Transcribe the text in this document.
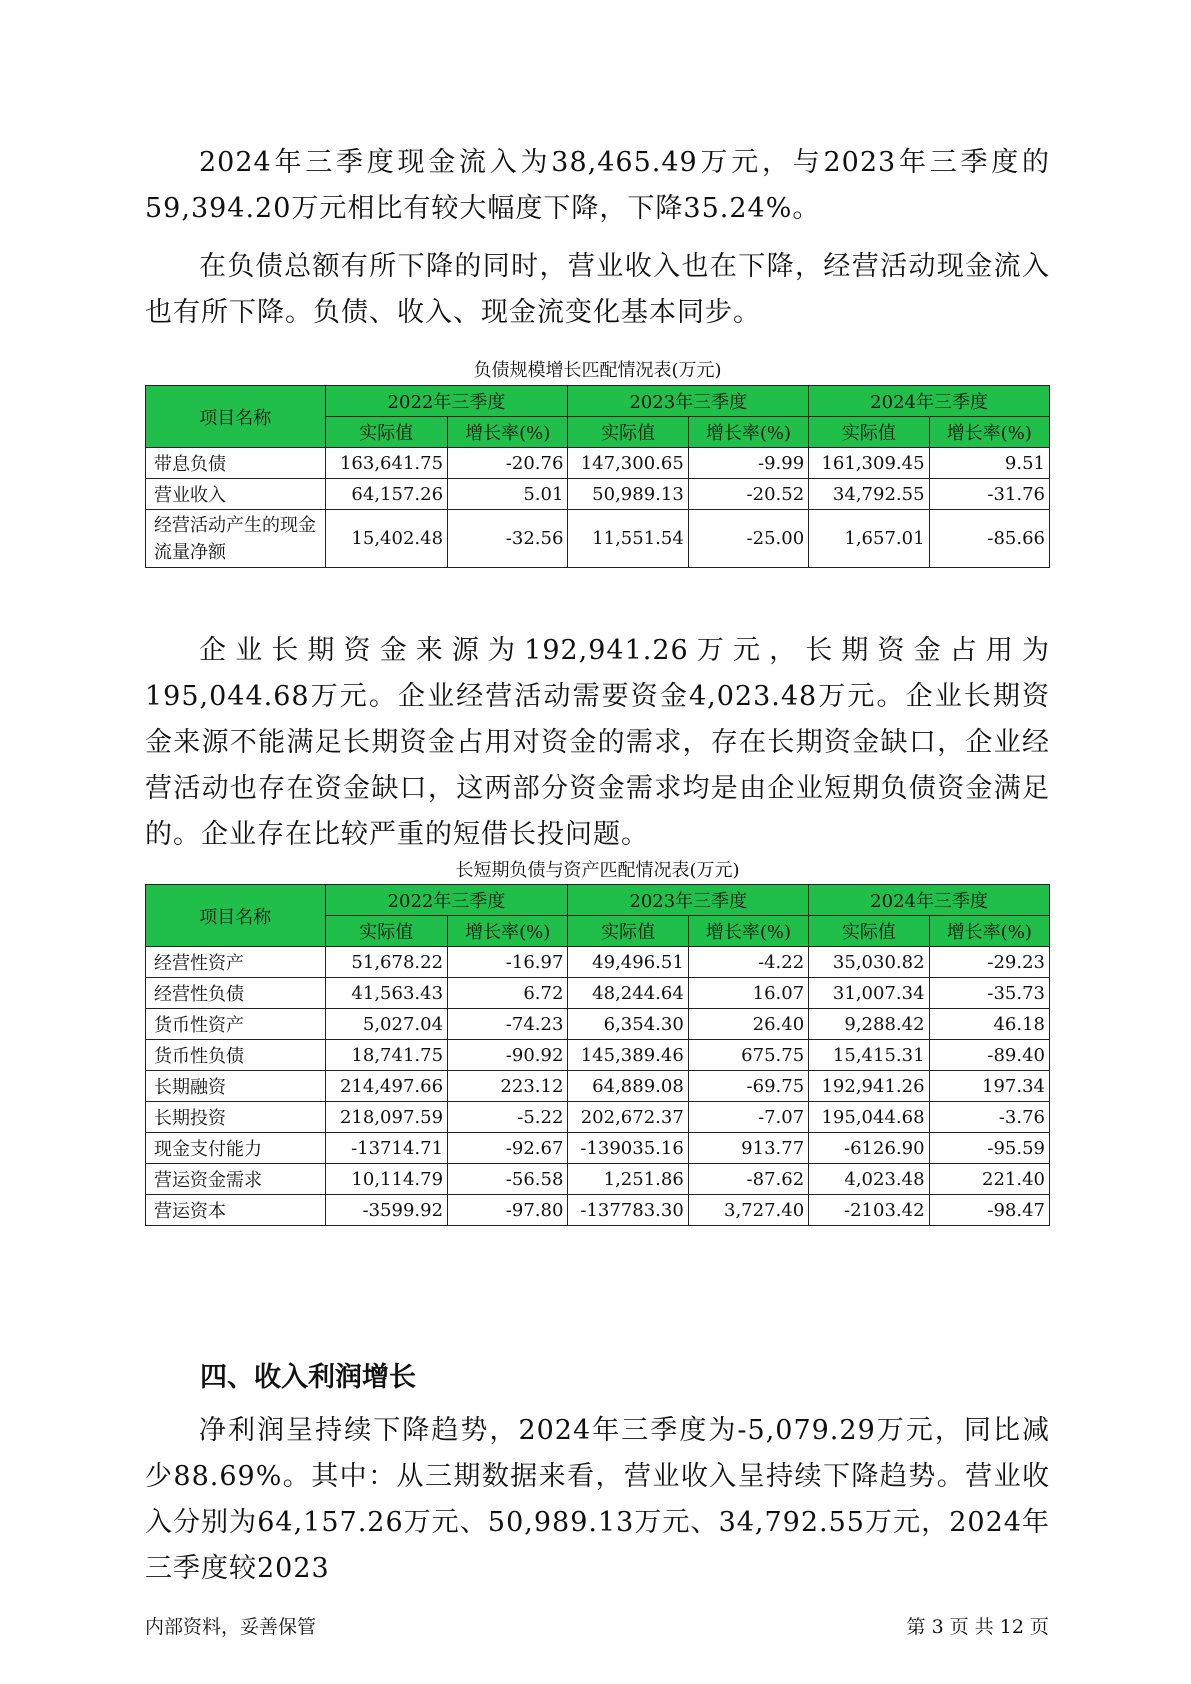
2024年三季度现金流入为38,465.49万元，与2023年三季度的59,394.20万元相比有较大幅度下降，下降35.24%。

在负债总额有所下降的同时，营业收入也在下降，经营活动现金流入也有所下降。负债、收入、现金流变化基本同步。

负债规模增长匹配情况表(万元)

项目名称	2022年三季度		2023年三季度		2024年三季度	
	实际值	增长率(%)	实际值	增长率(%)	实际值	增长率(%)
带息负债	163,641.75	-20.76	147,300.65	-9.99	161,309.45	9.51
营业收入	64,157.26	5.01	50,989.13	-20.52	34,792.55	-31.76
经营活动产生的现金流量净额	15,402.48	-32.56	11,551.54	-25.00	1,657.01	-85.66

企业长期资金来源为192,941.26万元，长期资金占用为195,044.68万元。企业经营活动需要资金4,023.48万元。企业长期资金来源不能满足长期资金占用对资金的需求，存在长期资金缺口，企业经营活动也存在资金缺口，这两部分资金需求均是由企业短期负债资金满足的。企业存在比较严重的短借长投问题。

长短期负债与资产匹配情况表(万元)

项目名称	2022年三季度		2023年三季度		2024年三季度	
	实际值	增长率(%)	实际值	增长率(%)	实际值	增长率(%)
经营性资产	51,678.22	-16.97	49,496.51	-4.22	35,030.82	-29.23
经营性负债	41,563.43	6.72	48,244.64	16.07	31,007.34	-35.73
货币性资产	5,027.04	-74.23	6,354.30	26.40	9,288.42	46.18
货币性负债	18,741.75	-90.92	145,389.46	675.75	15,415.31	-89.40
长期融资	214,497.66	223.12	64,889.08	-69.75	192,941.26	197.34
长期投资	218,097.59	-5.22	202,672.37	-7.07	195,044.68	-3.76
现金支付能力	-13714.71	-92.67	-139035.16	913.77	-6126.90	-95.59
营运资金需求	10,114.79	-56.58	1,251.86	-87.62	4,023.48	221.40
营运资本	-3599.92	-97.80	-137783.30	3,727.40	-2103.42	-98.47
四、收入利润增长

净利润呈持续下降趋势，2024年三季度为-5,079.29万元，同比减少88.69%。其中：从三期数据来看，营业收入呈持续下降趋势。营业收入分别为64,157.26万元、50,989.13万元、34,792.55万元，2024年三季度较2023

内部资料，妥善保管	第 3 页 共 12 页
